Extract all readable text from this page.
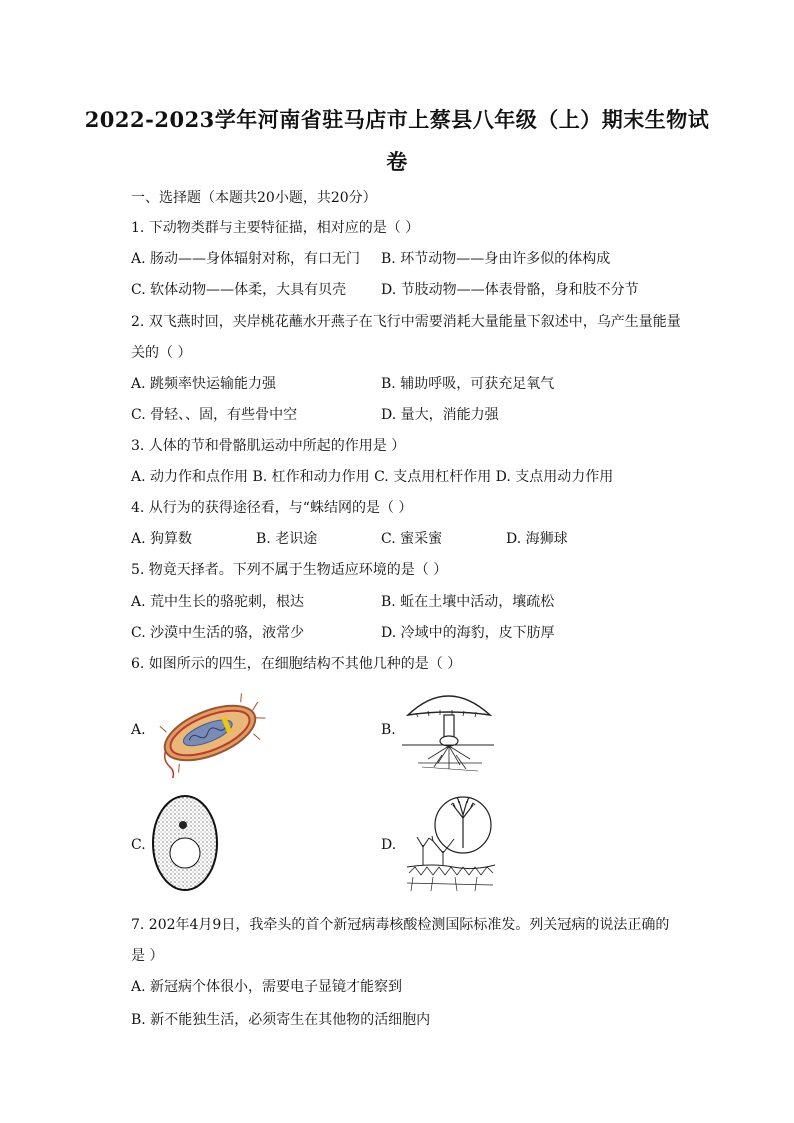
2022-2023学年河南省驻马店市上蔡县八年级（上）期末生物试
卷
一、选择题（本题共20小题，共20分）
1. 下动物类群与主要特征描，相对应的是（ ）
A. 肠动——身体辐射对称，有口无门 B. 环节动物——身由许多似的体构成
C. 软体动物——体柔，大具有贝壳 D. 节肢动物——体表骨骼，身和肢不分节
2. 双飞燕时回，夹岸桃花蘸水开燕子在飞行中需要消耗大量能量下叙述中，乌产生量能量
关的（ ）
A. 跳频率快运输能力强	B. 辅助呼吸，可获充足氧气
C. 骨轻、、固，有些骨中空	D. 量大，消能力强
3. 人体的节和骨骼肌运动中所起的作用是 ）
A. 动力作和点作用 B. 杠作和动力作用 C. 支点用杠杆作用 D. 支点用动力作用
4. 从行为的获得途径看，与“蛛结网的是（ ）
A. 狗算数	B. 老识途	C. 蜜采蜜	D. 海狮球
5. 物竟天择者。下列不属于生物适应环境的是（ ）
A. 荒中生长的骆驼刺，根达	B. 蚯在土壤中活动，壤疏松
C. 沙漠中生活的骆，液常少	D. 冷域中的海豹，皮下肪厚
6. 如图所示的四生，在细胞结构不其他几种的是（ ）
A.	B.
C.	D.
7. 202年4月9日，我牵头的首个新冠病毒核酸检测国际标准发。列关冠病的说法正确的
是 ）
A. 新冠病个体很小，需要电子显镜才能察到
B. 新不能独生活，必须寄生在其他物的活细胞内
